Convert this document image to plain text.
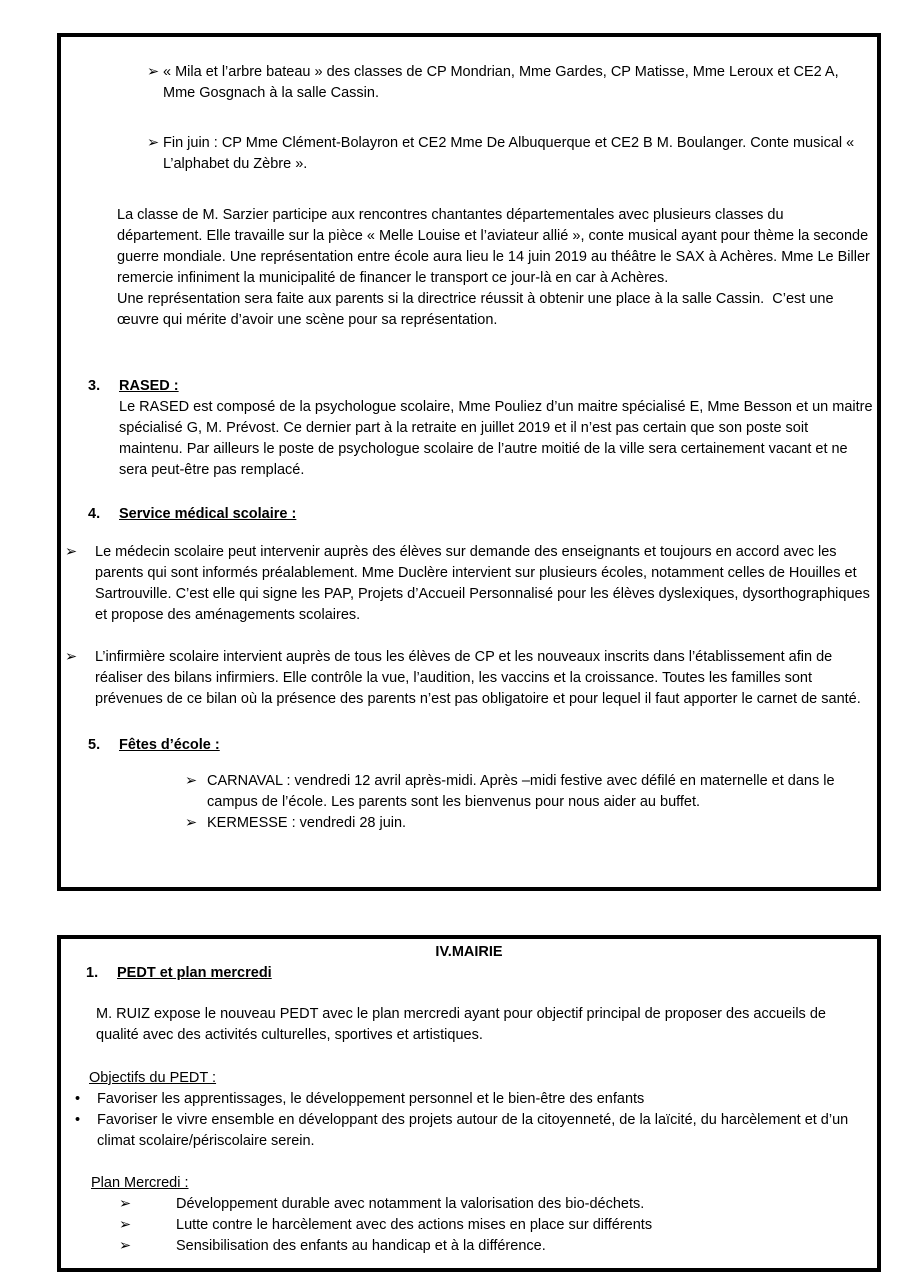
➢ « Mila et l’arbre bateau » des classes de CP Mondrian, Mme Gardes, CP Matisse, Mme Leroux et CE2 A, Mme Gosgnach à la salle Cassin.
➢ Fin juin : CP Mme Clément-Bolayron et CE2 Mme De Albuquerque et CE2 B M. Boulanger. Conte musical « L’alphabet du Zèbre ».
La classe de M. Sarzier participe aux rencontres chantantes départementales avec plusieurs classes du département. Elle travaille sur la pièce « Melle Louise et l’aviateur allié », conte musical ayant pour thème la seconde guerre mondiale. Une représentation entre école aura lieu le 14 juin 2019 au théâtre le SAX à Achères. Mme Le Biller remercie infiniment la municipalité de financer le transport ce jour-là en car à Achères.
Une représentation sera faite aux parents si la directrice réussit à obtenir une place à la salle Cassin.  C’est une œuvre qui mérite d’avoir une scène pour sa représentation.
3.	RASED :
Le RASED est composé de la psychologue scolaire, Mme Pouliez d’un maitre spécialisé E, Mme Besson et un maitre spécialisé G, M. Prévost. Ce dernier part à la retraite en juillet 2019 et il n’est pas certain que son poste soit maintenu. Par ailleurs le poste de psychologue scolaire de l’autre moitié de la ville sera certainement vacant et ne sera peut-être pas remplacé.
4.	Service médical scolaire :
➢	Le médecin scolaire peut intervenir auprès des élèves sur demande des enseignants et toujours en accord avec les parents qui sont informés préalablement. Mme Duclère intervient sur plusieurs écoles, notamment celles de Houilles et Sartrouville. C’est elle qui signe les PAP, Projets d’Accueil Personnalisé pour les élèves dyslexiques, dysorthographiques et propose des aménagements scolaires.
➢	L’infirmière scolaire intervient auprès de tous les élèves de CP et les nouveaux inscrits dans l’établissement afin de réaliser des bilans infirmiers. Elle contrôle la vue, l’audition, les vaccins et la croissance. Toutes les familles sont prévenues de ce bilan où la présence des parents n’est pas obligatoire et pour lequel il faut apporter le carnet de santé.
5.	Fêtes d’école :
➢ CARNAVAL : vendredi 12 avril après-midi. Après –midi festive avec défilé en maternelle et dans le campus de l’école. Les parents sont les bienvenus pour nous aider au buffet.
➢ KERMESSE : vendredi 28 juin.
IV.MAIRIE
1.	PEDT et plan mercredi
M. RUIZ expose le nouveau PEDT avec le plan mercredi ayant pour objectif principal de proposer des accueils de qualité avec des activités culturelles, sportives et artistiques.
Objectifs du PEDT :
•	Favoriser les apprentissages, le développement personnel et le bien-être des enfants
•	Favoriser le vivre ensemble en développant des projets autour de la citoyenneté, de la laïcité, du harcèlement et d’un climat scolaire/périscolaire serein.
Plan Mercredi :
➢	Développement durable avec notamment la valorisation des bio-déchets.
➢	Lutte contre le harcèlement avec des actions mises en place sur différents
➢	Sensibilisation des enfants au handicap et à la différence.
